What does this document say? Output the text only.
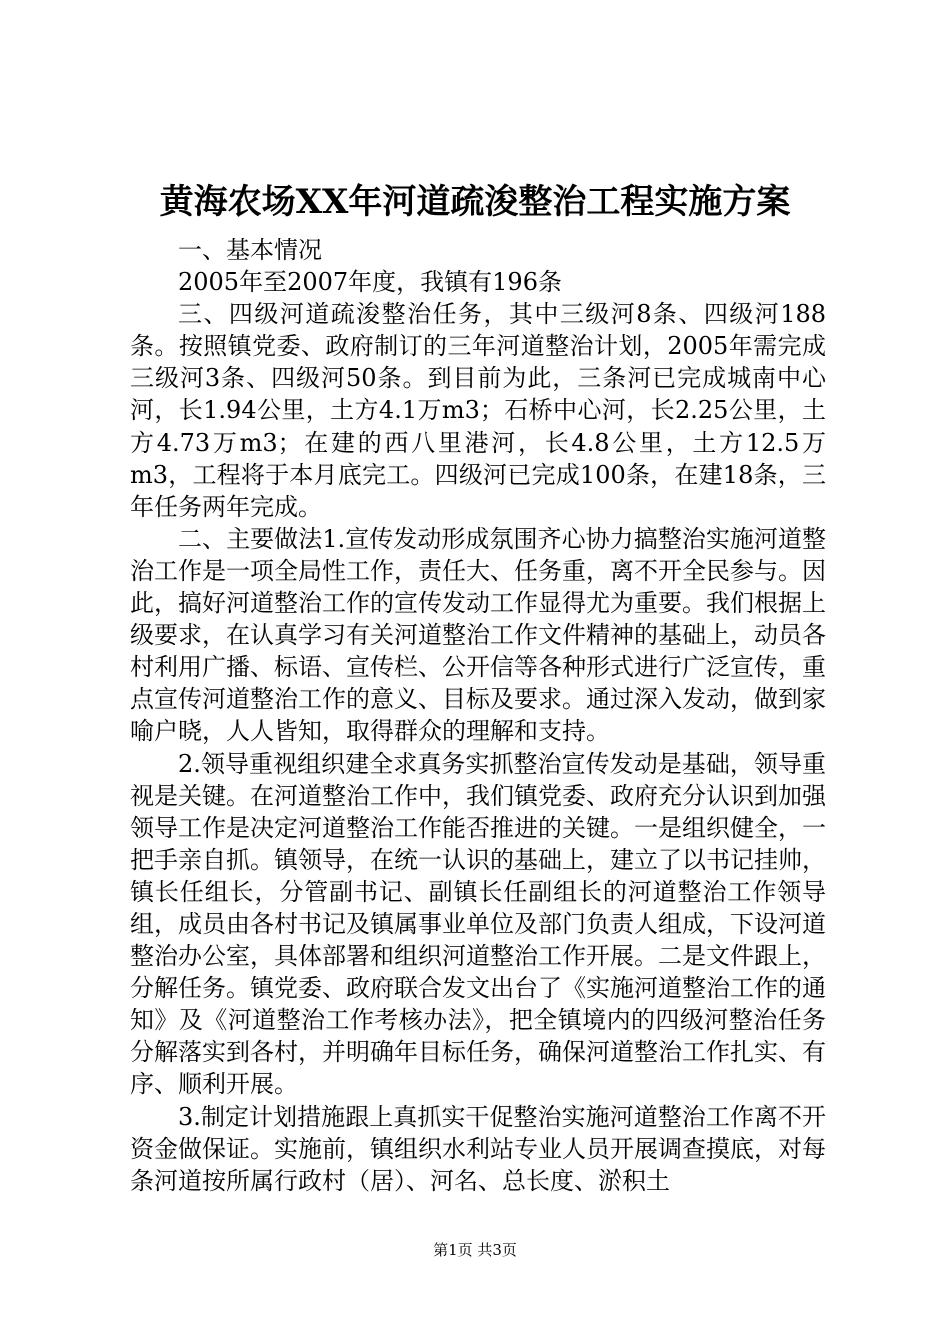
黄海农场XX年河道疏浚整治工程实施方案

一、基本情况

2005年至2007年度，我镇有196条

三、四级河道疏浚整治任务，其中三级河8条、四级河188条。按照镇党委、政府制订的三年河道整治计划，2005年需完成三级河3条、四级河50条。到目前为此，三条河已完成城南中心河，长1.94公里，土方4.1万m3；石桥中心河，长2.25公里，土方4.73万m3；在建的西八里港河，长4.8公里，土方12.5万m3，工程将于本月底完工。四级河已完成100条，在建18条，三年任务两年完成。

二、主要做法1.宣传发动形成氛围齐心协力搞整治实施河道整治工作是一项全局性工作，责任大、任务重，离不开全民参与。因此，搞好河道整治工作的宣传发动工作显得尤为重要。我们根据上级要求，在认真学习有关河道整治工作文件精神的基础上，动员各村利用广播、标语、宣传栏、公开信等各种形式进行广泛宣传，重点宣传河道整治工作的意义、目标及要求。通过深入发动，做到家喻户晓，人人皆知，取得群众的理解和支持。

2.领导重视组织建全求真务实抓整治宣传发动是基础，领导重视是关键。在河道整治工作中，我们镇党委、政府充分认识到加强领导工作是决定河道整治工作能否推进的关键。一是组织健全，一把手亲自抓。镇领导，在统一认识的基础上，建立了以书记挂帅，镇长任组长，分管副书记、副镇长任副组长的河道整治工作领导组，成员由各村书记及镇属事业单位及部门负责人组成，下设河道整治办公室，具体部署和组织河道整治工作开展。二是文件跟上，分解任务。镇党委、政府联合发文出台了《实施河道整治工作的通知》及《河道整治工作考核办法》，把全镇境内的四级河整治任务分解落实到各村，并明确年目标任务，确保河道整治工作扎实、有序、顺利开展。

3.制定计划措施跟上真抓实干促整治实施河道整治工作离不开资金做保证。实施前，镇组织水利站专业人员开展调查摸底，对每条河道按所属行政村（居）、河名、总长度、淤积土

第1页 共3页
